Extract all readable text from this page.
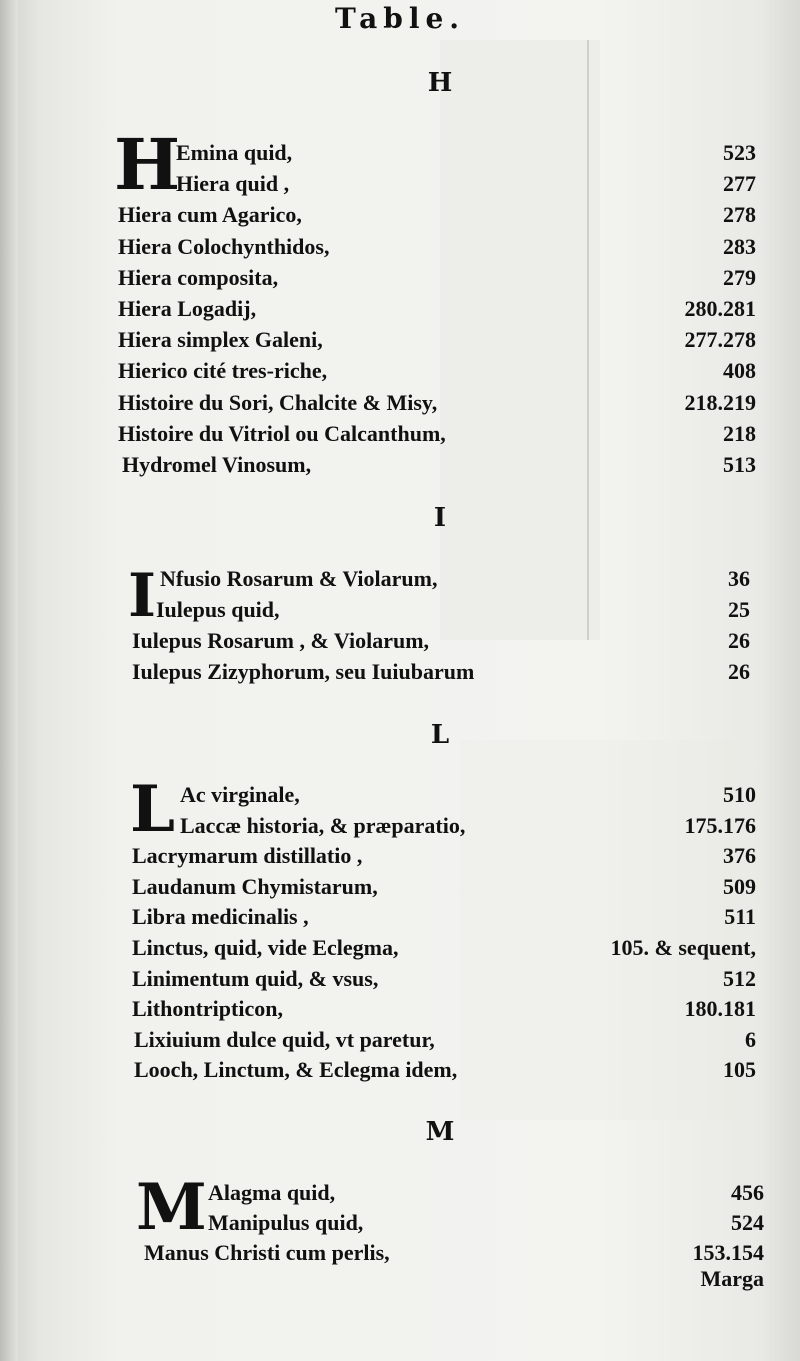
Table.
H
H
Emina quid,	523
Hiera quid ,	277
Hiera cum Agarico,	278
Hiera Colochynthidos,	283
Hiera composita,	279
Hiera Logadij,	280.281
Hiera simplex Galeni,	277.278
Hierico cité tres-riche,	408
Histoire du Sori, Chalcite & Misy,	218.219
Histoire du Vitriol ou Calcanthum,	218
Hydromel Vinosum,	513
I
I Nfusio Rosarum & Violarum,	36
Iulepus quid,	25
Iulepus Rosarum , & Violarum,	26
Iulepus Zizyphorum, seu Iuiubarum	26
L
L Ac virginale,	510
Laccæ historia, & præparatio,	175.176
Lacrymarum distillatio ,	376
Laudanum Chymistarum,	509
Libra medicinalis ,	511
Linctus, quid, vide Eclegma,	105. & sequent,
Linimentum quid, & vsus,	512
Lithontripticon,	180.181
Lixiuium dulce quid, vt paretur,	6
Looch, Linctum, & Eclegma idem,	105
M
M Alagma quid,	456
Manipulus quid,	524
Manus Christi cum perlis,	153.154
Marga
